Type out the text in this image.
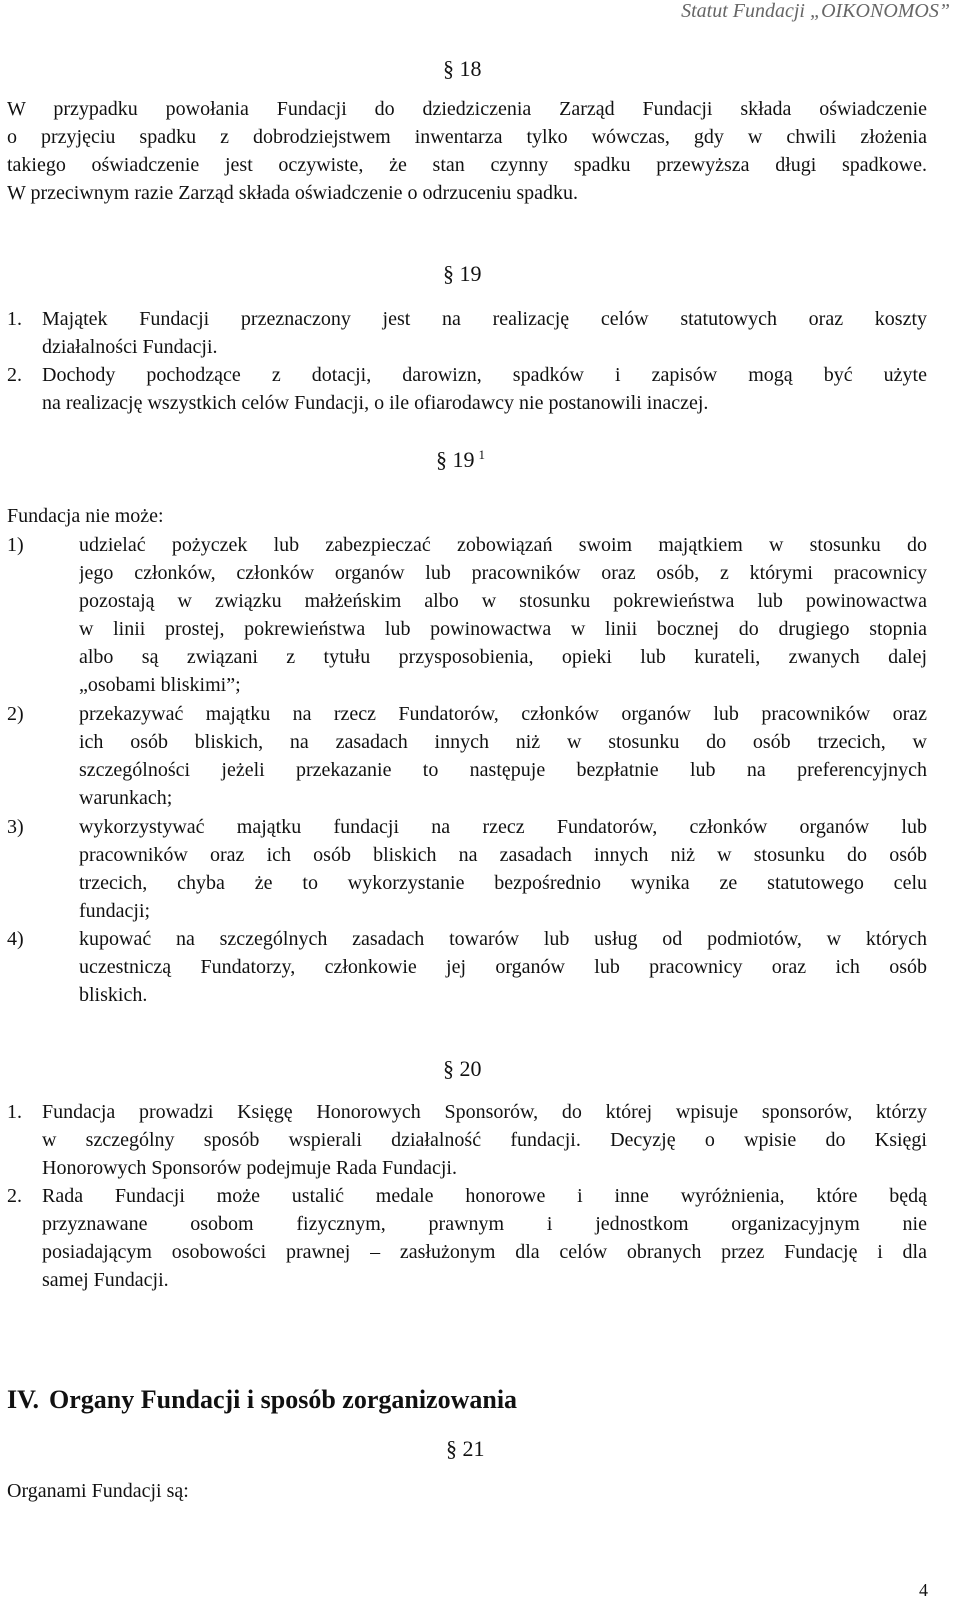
Statut Fundacji „OIKONOMOS”
§ 18
W przypadku powołania Fundacji do dziedziczenia Zarząd Fundacji składa oświadczenie
o przyjęciu spadku z dobrodziejstwem inwentarza tylko wówczas, gdy w chwili złożenia
takiego oświadczenie jest oczywiste, że stan czynny spadku przewyższa długi spadkowe.
W przeciwnym razie Zarząd składa oświadczenie o odrzuceniu spadku.
§ 19
1. Majątek Fundacji przeznaczony jest na realizację celów statutowych oraz koszty
działalności Fundacji.
2. Dochody pochodzące z dotacji, darowizn, spadków i zapisów mogą być użyte
na realizację wszystkich celów Fundacji, o ile ofiarodawcy nie postanowili inaczej.
§ 19 $^1$
Fundacja nie może:
1)	udzielać pożyczek lub zabezpieczać zobowiązań swoim majątkiem w stosunku do
jego członków, członków organów lub pracowników oraz osób, z którymi pracownicy
pozostają w związku małżeńskim albo w stosunku pokrewieństwa lub powinowactwa
w linii prostej, pokrewieństwa lub powinowactwa w linii bocznej do drugiego stopnia
albo są związani z tytułu przysposobienia, opieki lub kurateli, zwanych dalej
„osobami bliskimi”;
2)	przekazywać majątku na rzecz Fundatorów, członków organów lub pracowników oraz
ich osób bliskich, na zasadach innych niż w stosunku do osób trzecich, w
szczególności jeżeli przekazanie to następuje bezpłatnie lub na preferencyjnych
warunkach;
3)	wykorzystywać majątku fundacji na rzecz Fundatorów, członków organów lub
pracowników oraz ich osób bliskich na zasadach innych niż w stosunku do osób
trzecich, chyba że to wykorzystanie bezpośrednio wynika ze statutowego celu
fundacji;
4)	kupować na szczególnych zasadach towarów lub usług od podmiotów, w których
uczestniczą Fundatorzy, członkowie jej organów lub pracownicy oraz ich osób
bliskich.
§ 20
1. Fundacja prowadzi Księgę Honorowych Sponsorów, do której wpisuje sponsorów, którzy
w szczególny sposób wspierali działalność fundacji. Decyzję o wpisie do Księgi
Honorowych Sponsorów podejmuje Rada Fundacji.
2. Rada Fundacji może ustalić medale honorowe i inne wyróżnienia, które będą
przyznawane osobom fizycznym, prawnym i jednostkom organizacyjnym nie
posiadającym osobowości prawnej – zasłużonym dla celów obranych przez Fundację i dla
samej Fundacji.
IV. Organy Fundacji i sposób zorganizowania
§ 21
Organami Fundacji są:
4
